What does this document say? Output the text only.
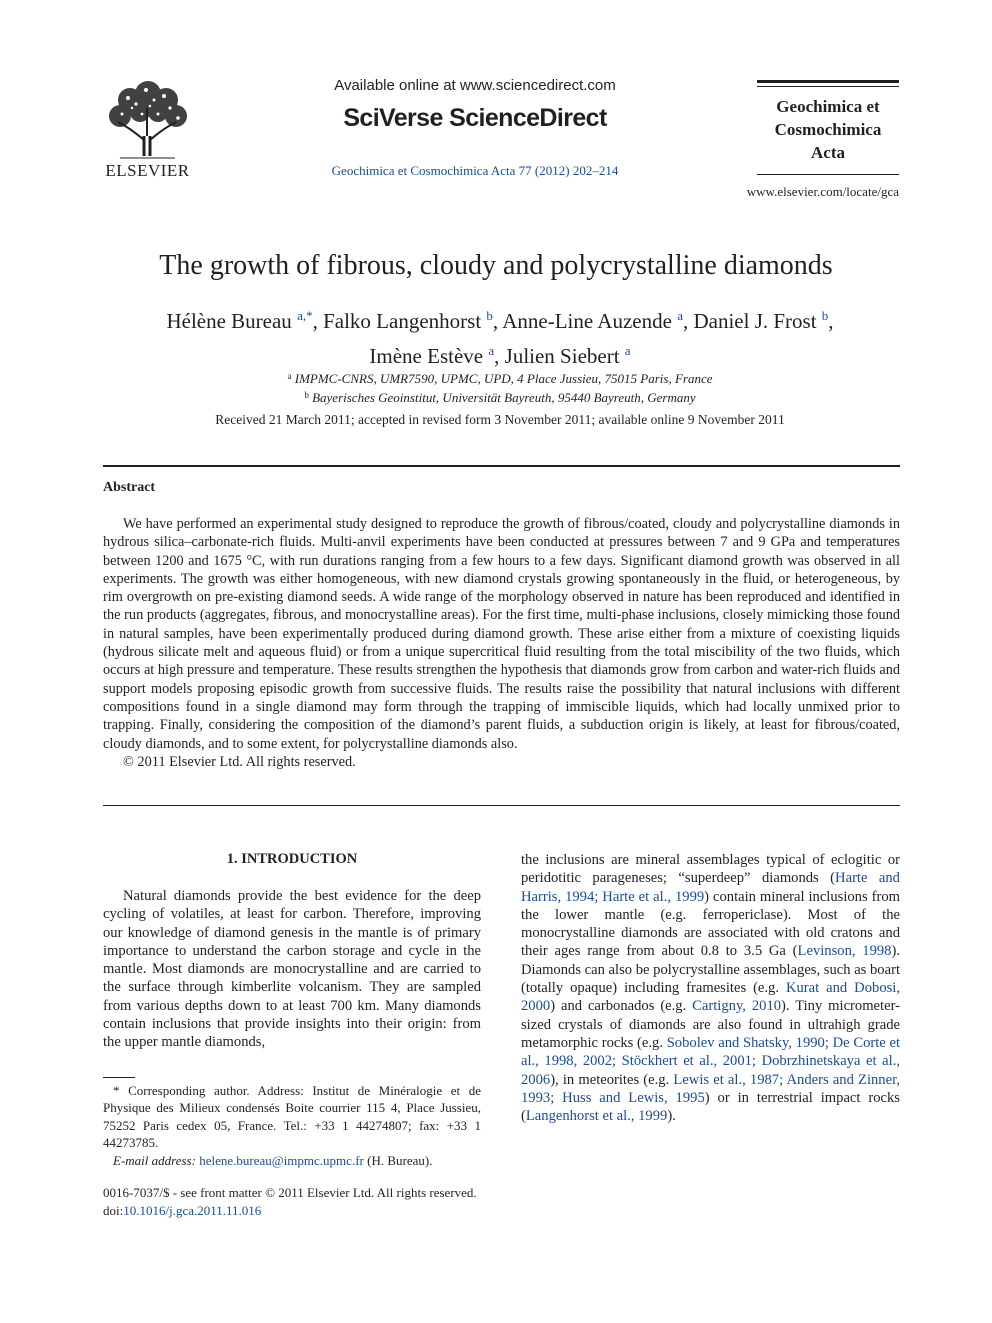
ELSEVIER
Available online at www.sciencedirect.com
SciVerse ScienceDirect
Geochimica et Cosmochimica Acta 77 (2012) 202–214
Geochimica et
Cosmochimica
Acta
www.elsevier.com/locate/gca
The growth of fibrous, cloudy and polycrystalline diamonds
Hélène Bureau $^{a,*}$, Falko Langenhorst $^b$, Anne-Line Auzende $^a$, Daniel J. Frost $^b$,
Imène Estève $^a$, Julien Siebert $^a$
$^a$ IMPMC-CNRS, UMR7590, UPMC, UPD, 4 Place Jussieu, 75015 Paris, France
$^b$ Bayerisches Geoinstitut, Universität Bayreuth, 95440 Bayreuth, Germany
Received 21 March 2011; accepted in revised form 3 November 2011; available online 9 November 2011
Abstract

We have performed an experimental study designed to reproduce the growth of fibrous/coated, cloudy and polycrystalline diamonds in hydrous silica–carbonate-rich fluids. Multi-anvil experiments have been conducted at pressures between 7 and 9 GPa and temperatures between 1200 and 1675 °C, with run durations ranging from a few hours to a few days. Significant diamond growth was observed in all experiments. The growth was either homogeneous, with new diamond crystals growing spontaneously in the fluid, or heterogeneous, by rim overgrowth on pre-existing diamond seeds. A wide range of the morphology observed in nature has been reproduced and identified in the run products (aggregates, fibrous, and monocrystalline areas). For the first time, multi-phase inclusions, closely mimicking those found in natural samples, have been experimentally produced during diamond growth. These arise either from a mixture of coexisting liquids (hydrous silicate melt and aqueous fluid) or from a unique supercritical fluid resulting from the total miscibility of the two fluids, which occurs at high pressure and temperature. These results strengthen the hypothesis that diamonds grow from carbon and water-rich fluids and support models proposing episodic growth from successive fluids. The results raise the possibility that natural inclusions with different compositions found in a single diamond may form through the trapping of immiscible liquids, which had locally unmixed prior to trapping. Finally, considering the composition of the diamond’s parent fluids, a subduction origin is likely, at least for fibrous/coated, cloudy diamonds, and to some extent, for polycrystalline diamonds also.

© 2011 Elsevier Ltd. All rights reserved.

1. INTRODUCTION

Natural diamonds provide the best evidence for the deep cycling of volatiles, at least for carbon. Therefore, improving our knowledge of diamond genesis in the mantle is of primary importance to understand the carbon storage and cycle in the mantle. Most diamonds are monocrystalline and are carried to the surface through kimberlite volcanism. They are sampled from various depths down to at least 700 km. Many diamonds contain inclusions that provide insights into their origin: from the upper mantle diamonds,

the inclusions are mineral assemblages typical of eclogitic or peridotitic parageneses; “superdeep” diamonds (Harte and Harris, 1994; Harte et al., 1999) contain mineral inclusions from the lower mantle (e.g. ferropericlase). Most of the monocrystalline diamonds are associated with old cratons and their ages range from about 0.8 to 3.5 Ga (Levinson, 1998). Diamonds can also be polycrystalline assemblages, such as boart (totally opaque) including framesites (e.g. Kurat and Dobosi, 2000) and carbonados (e.g. Cartigny, 2010). Tiny micrometer-sized crystals of diamonds are also found in ultrahigh grade metamorphic rocks (e.g. Sobolev and Shatsky, 1990; De Corte et al., 1998, 2002; Stöckhert et al., 2001; Dobrzhinetskaya et al., 2006), in meteorites (e.g. Lewis et al., 1987; Anders and Zinner, 1993; Huss and Lewis, 1995) or in terrestrial impact rocks (Langenhorst et al., 1999).

* Corresponding author. Address: Institut de Minéralogie et de Physique des Milieux condensés Boite courrier 115 4, Place Jussieu, 75252 Paris cedex 05, France. Tel.: +33 1 44274807; fax: +33 1 44273785.

E-mail address: helene.bureau@impmc.upmc.fr (H. Bureau).

0016-7037/$ - see front matter © 2011 Elsevier Ltd. All rights reserved.
doi:10.1016/j.gca.2011.11.016
